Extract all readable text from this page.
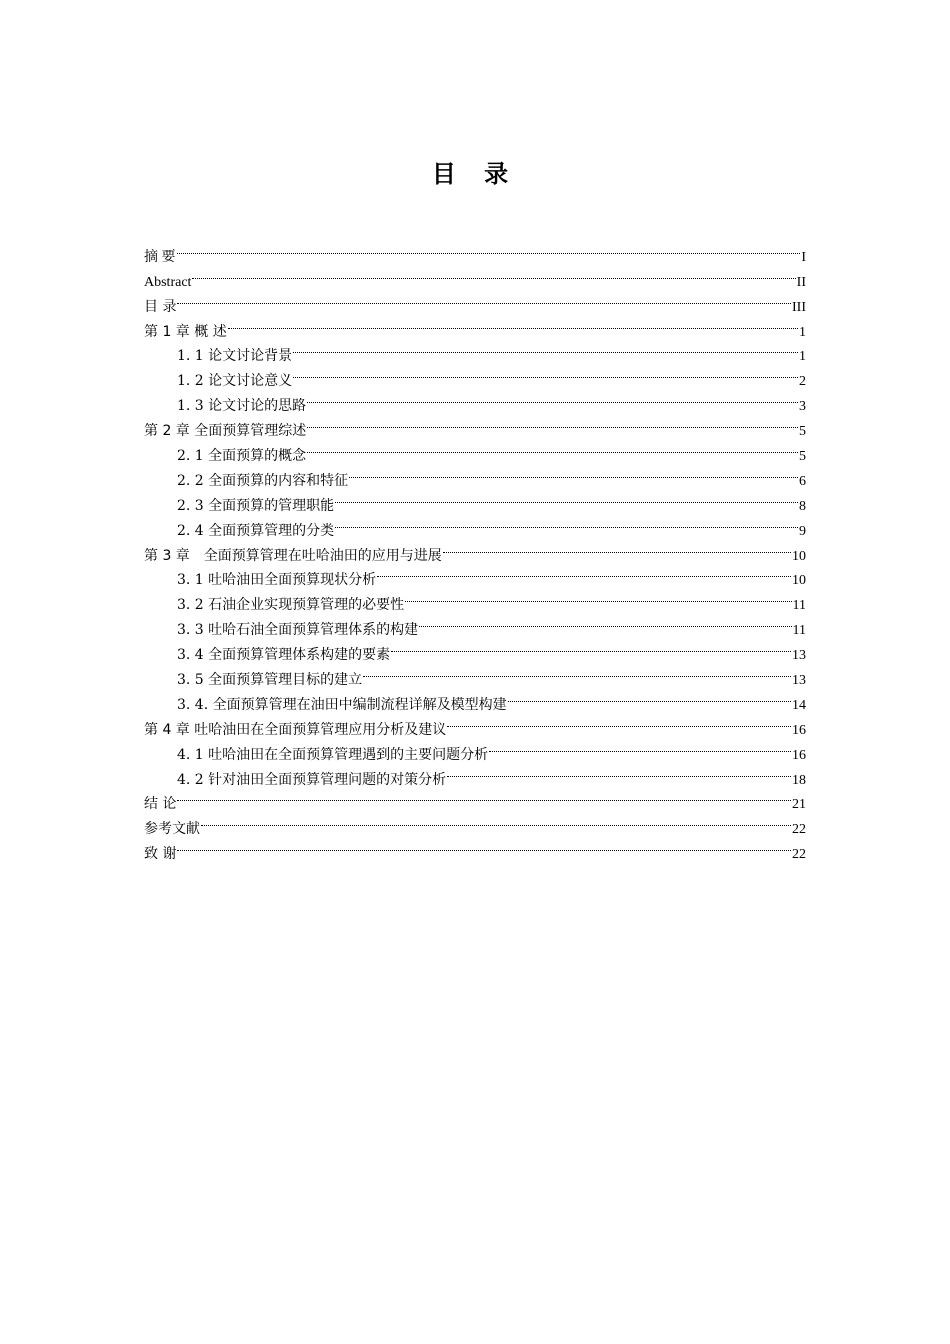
目 录
摘 要	I
Abstract	II
目 录	III
第 1 章 概 述	1
1. 1 论文讨论背景	1
1. 2 论文讨论意义	2
1. 3 论文讨论的思路	3
第 2 章 全面预算管理综述	5
2. 1 全面预算的概念	5
2. 2 全面预算的内容和特征	6
2. 3 全面预算的管理职能	8
2. 4 全面预算管理的分类	9
第 3 章　全面预算管理在吐哈油田的应用与进展	10
3. 1 吐哈油田全面预算现状分析	10
3. 2 石油企业实现预算管理的必要性	11
3. 3 吐哈石油全面预算管理体系的构建	11
3. 4 全面预算管理体系构建的要素	13
3. 5 全面预算管理目标的建立	13
3. 4. 全面预算管理在油田中编制流程详解及模型构建	14
第 4 章 吐哈油田在全面预算管理应用分析及建议	16
4. 1 吐哈油田在全面预算管理遇到的主要问题分析	16
4. 2 针对油田全面预算管理问题的对策分析	18
结 论	21
参考文献	22
致 谢	22
